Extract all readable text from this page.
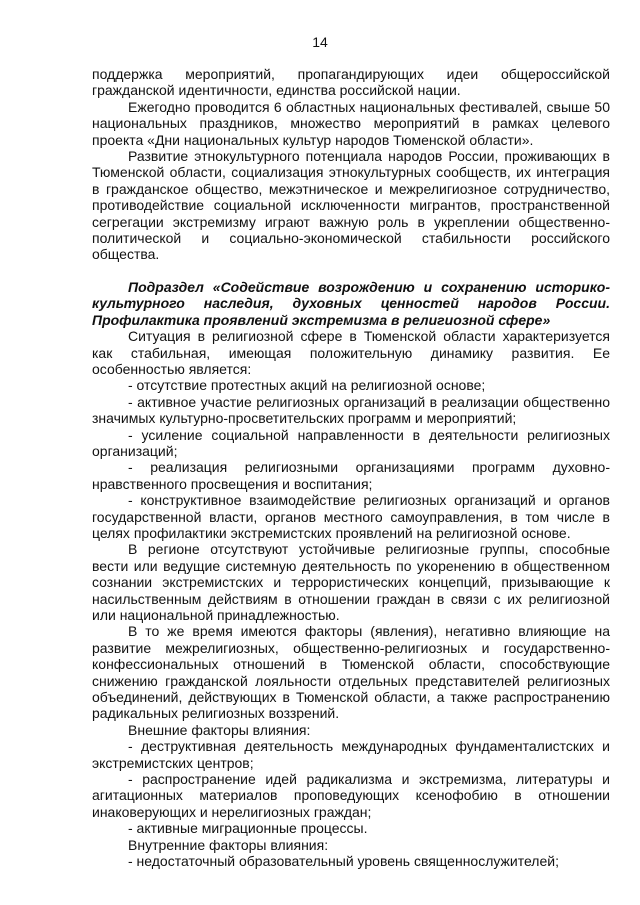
14

поддержка мероприятий, пропагандирующих идеи общероссийской гражданской идентичности, единства российской нации.

Ежегодно проводится 6 областных национальных фестивалей, свыше 50 национальных праздников, множество мероприятий в рамках целевого проекта «Дни национальных культур народов Тюменской области».

Развитие этнокультурного потенциала народов России, проживающих в Тюменской области, социализация этнокультурных сообществ, их интеграция в гражданское общество, межэтническое и межрелигиозное сотрудничество, противодействие социальной исключенности мигрантов, пространственной сегрегации экстремизму играют важную роль в укреплении общественно-политической и социально-экономической стабильности российского общества.

Подраздел «Содействие возрождению и сохранению историко-культурного наследия, духовных ценностей народов России. Профилактика проявлений экстремизма в религиозной сфере»

Ситуация в религиозной сфере в Тюменской области характеризуется как стабильная, имеющая положительную динамику развития. Ее особенностью является:

- отсутствие протестных акций на религиозной основе;

- активное участие религиозных организаций в реализации общественно значимых культурно-просветительских программ и мероприятий;

- усиление социальной направленности в деятельности религиозных организаций;

- реализация религиозными организациями программ духовно-нравственного просвещения и воспитания;

- конструктивное взаимодействие религиозных организаций и органов государственной власти, органов местного самоуправления, в том числе в целях профилактики экстремистских проявлений на религиозной основе.

В регионе отсутствуют устойчивые религиозные группы, способные вести или ведущие системную деятельность по укоренению в общественном сознании экстремистских и террористических концепций, призывающие к насильственным действиям в отношении граждан в связи с их религиозной или национальной принадлежностью.

В то же время имеются факторы (явления), негативно влияющие на развитие межрелигиозных, общественно-религиозных и государственно-конфессиональных отношений в Тюменской области, способствующие снижению гражданской лояльности отдельных представителей религиозных объединений, действующих в Тюменской области, а также распространению радикальных религиозных воззрений.

Внешние факторы влияния:

- деструктивная деятельность международных фундаменталистских и экстремистских центров;

- распространение идей радикализма и экстремизма, литературы и агитационных материалов проповедующих ксенофобию в отношении инаковерующих и нерелигиозных граждан;

- активные миграционные процессы.

Внутренние факторы влияния:

- недостаточный образовательный уровень священнослужителей;
